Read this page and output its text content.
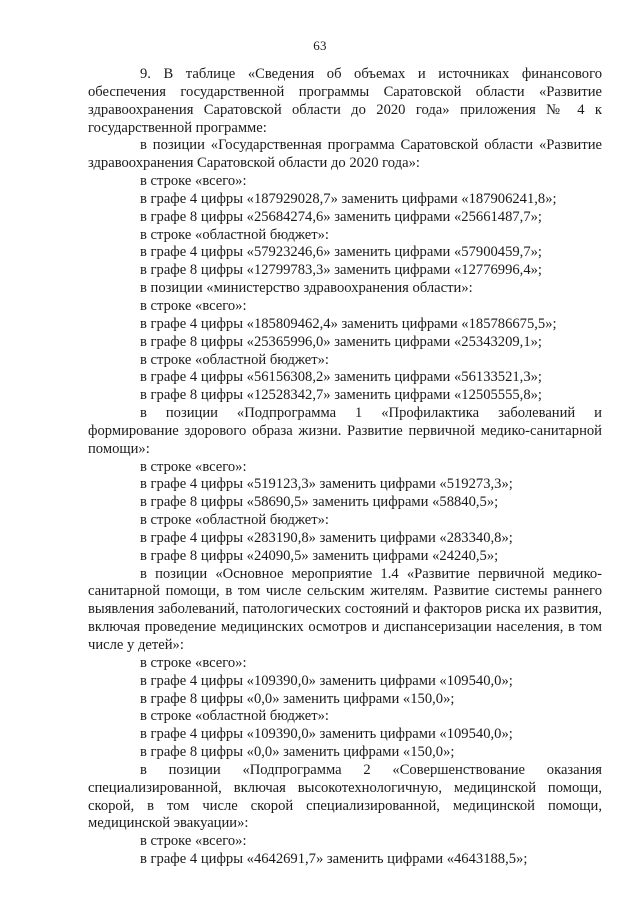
63

9. В таблице «Сведения об объемах и источниках финансового обеспечения государственной программы Саратовской области «Развитие здравоохранения Саратовской области до 2020 года» приложения № 4 к государственной программе:

в позиции «Государственная программа Саратовской области «Развитие здравоохранения Саратовской области до 2020 года»:

в строке «всего»:

в графе 4 цифры «187929028,7» заменить цифрами «187906241,8»;

в графе 8 цифры «25684274,6» заменить цифрами «25661487,7»;

в строке «областной бюджет»:

в графе 4 цифры «57923246,6» заменить цифрами «57900459,7»;

в графе 8 цифры «12799783,3» заменить цифрами «12776996,4»;

в позиции «министерство здравоохранения области»:

в строке «всего»:

в графе 4 цифры «185809462,4» заменить цифрами «185786675,5»;

в графе 8 цифры «25365996,0» заменить цифрами «25343209,1»;

в строке «областной бюджет»:

в графе 4 цифры «56156308,2» заменить цифрами «56133521,3»;

в графе 8 цифры «12528342,7» заменить цифрами «12505555,8»;

в позиции «Подпрограмма 1 «Профилактика заболеваний и формирование здорового образа жизни. Развитие первичной медико-санитарной помощи»:

в строке «всего»:

в графе 4 цифры «519123,3» заменить цифрами «519273,3»;

в графе 8 цифры «58690,5» заменить цифрами «58840,5»;

в строке «областной бюджет»:

в графе 4 цифры «283190,8» заменить цифрами «283340,8»;

в графе 8 цифры «24090,5» заменить цифрами «24240,5»;

в позиции «Основное мероприятие 1.4 «Развитие первичной медико-санитарной помощи, в том числе сельским жителям. Развитие системы раннего выявления заболеваний, патологических состояний и факторов риска их развития, включая проведение медицинских осмотров и диспансеризации населения, в том числе у детей»:

в строке «всего»:

в графе 4 цифры «109390,0» заменить цифрами «109540,0»;

в графе 8 цифры «0,0» заменить цифрами «150,0»;

в строке «областной бюджет»:

в графе 4 цифры «109390,0» заменить цифрами «109540,0»;

в графе 8 цифры «0,0» заменить цифрами «150,0»;

в позиции «Подпрограмма 2 «Совершенствование оказания специализированной, включая высокотехнологичную, медицинской помощи, скорой, в том числе скорой специализированной, медицинской помощи, медицинской эвакуации»:

в строке «всего»:

в графе 4 цифры «4642691,7» заменить цифрами «4643188,5»;
